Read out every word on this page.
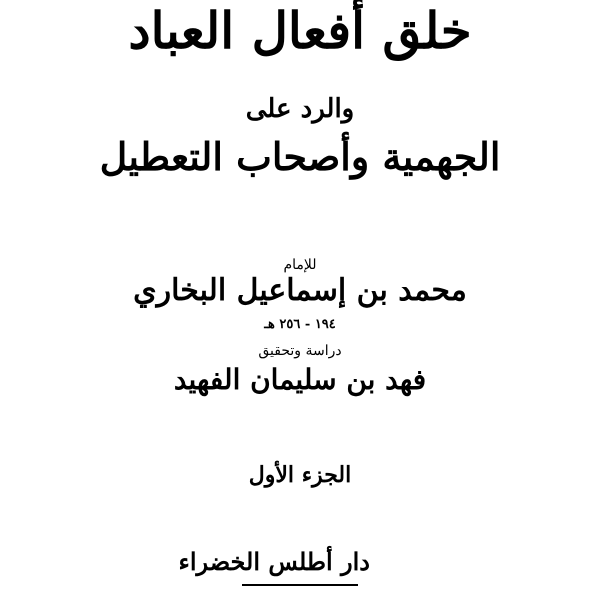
خلق أفعال العباد
والرد على
الجهمية وأصحاب التعطيل
للإمام
محمد بن إسماعيل البخاري
١٩٤ - ٢٥٦ هـ
دراسة وتحقيق
فهد بن سليمان الفهيد
الجزء الأول
دار أطلس الخضراء
